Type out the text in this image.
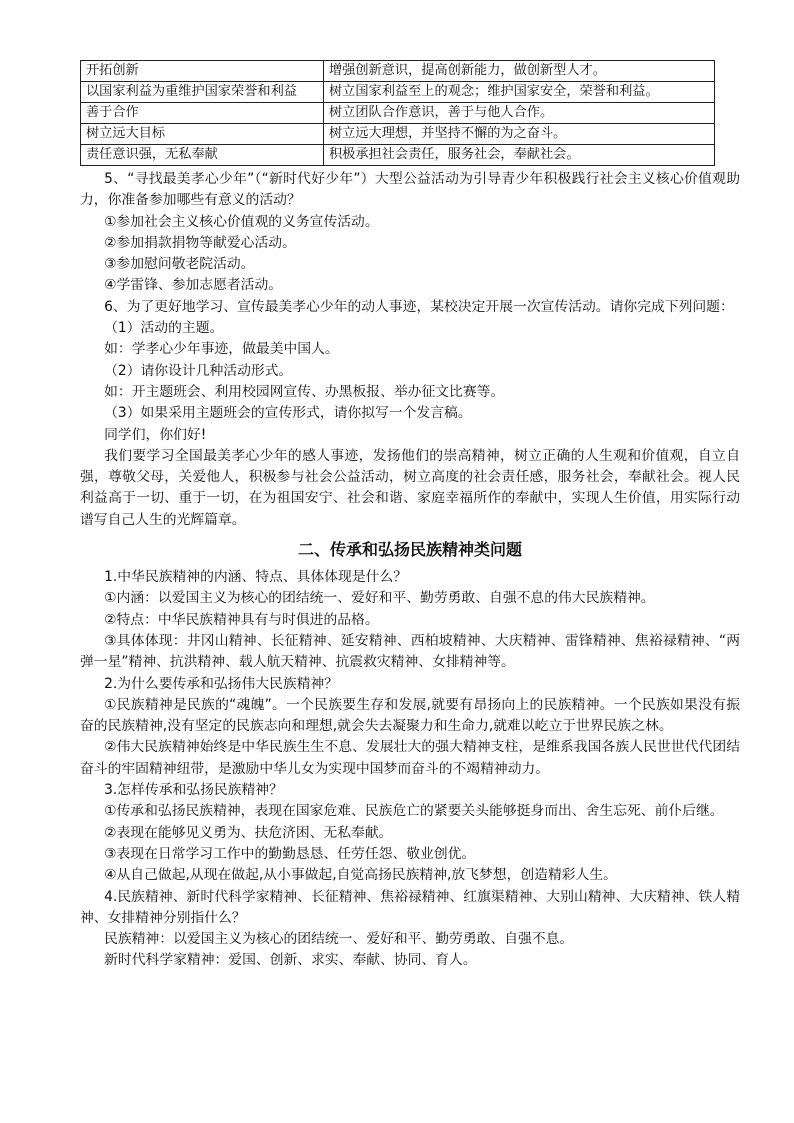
开拓创新	增强创新意识，提高创新能力，做创新型人才。
以国家利益为重维护国家荣誉和利益	树立国家利益至上的观念；维护国家安全，荣誉和利益。
善于合作	树立团队合作意识，善于与他人合作。
树立远大目标	树立远大理想，并坚持不懈的为之奋斗。
责任意识强，无私奉献	积极承担社会责任，服务社会，奉献社会。

5、“寻找最美孝心少年”（“新时代好少年”）大型公益活动为引导青少年积极践行社会主义核心价值观助力，你准备参加哪些有意义的活动？

①参加社会主义核心价值观的义务宣传活动。

②参加捐款捐物等献爱心活动。

③参加慰问敬老院活动。

④学雷锋、参加志愿者活动。

6、为了更好地学习、宣传最美孝心少年的动人事迹，某校决定开展一次宣传活动。请你完成下列问题：

（1）活动的主题。

如：学孝心少年事迹，做最美中国人。

（2）请你设计几种活动形式。

如：开主题班会、利用校园网宣传、办黑板报、举办征文比赛等。

（3）如果采用主题班会的宣传形式，请你拟写一个发言稿。

同学们，你们好!

我们要学习全国最美孝心少年的感人事迹，发扬他们的崇高精神，树立正确的人生观和价值观，自立自强，尊敬父母，关爱他人，积极参与社会公益活动，树立高度的社会责任感，服务社会，奉献社会。视人民利益高于一切、重于一切，在为祖国安宁、社会和谐、家庭幸福所作的奉献中，实现人生价值，用实际行动谱写自己人生的光辉篇章。

二、传承和弘扬民族精神类问题

1.中华民族精神的内涵、特点、具体体现是什么？

①内涵：以爱国主义为核心的团结统一、爱好和平、勤劳勇敢、自强不息的伟大民族精神。

②特点：中华民族精神具有与时俱进的品格。

③具体体现：井冈山精神、长征精神、延安精神、西柏坡精神、大庆精神、雷锋精神、焦裕禄精神、“两弹一星”精神、抗洪精神、载人航天精神、抗震救灾精神、女排精神等。

2.为什么要传承和弘扬伟大民族精神？

①民族精神是民族的“魂魄”。一个民族要生存和发展,就要有昂扬向上的民族精神。一个民族如果没有振奋的民族精神,没有坚定的民族志向和理想,就会失去凝聚力和生命力,就难以屹立于世界民族之林。

②伟大民族精神始终是中华民族生生不息、发展壮大的强大精神支柱，是维系我国各族人民世世代代团结奋斗的牢固精神纽带，是激励中华儿女为实现中国梦而奋斗的不竭精神动力。

3.怎样传承和弘扬民族精神？

①传承和弘扬民族精神，表现在国家危难、民族危亡的紧要关头能够挺身而出、舍生忘死、前仆后继。

②表现在能够见义勇为、扶危济困、无私奉献。

③表现在日常学习工作中的勤勤恳恳、任劳任怨、敬业创优。

④从自己做起,从现在做起,从小事做起,自觉高扬民族精神,放飞梦想，创造精彩人生。

4.民族精神、新时代科学家精神、长征精神、焦裕禄精神、红旗渠精神、大别山精神、大庆精神、铁人精神、女排精神分别指什么？

民族精神：以爱国主义为核心的团结统一、爱好和平、勤劳勇敢、自强不息。

新时代科学家精神：爱国、创新、求实、奉献、协同、育人。
